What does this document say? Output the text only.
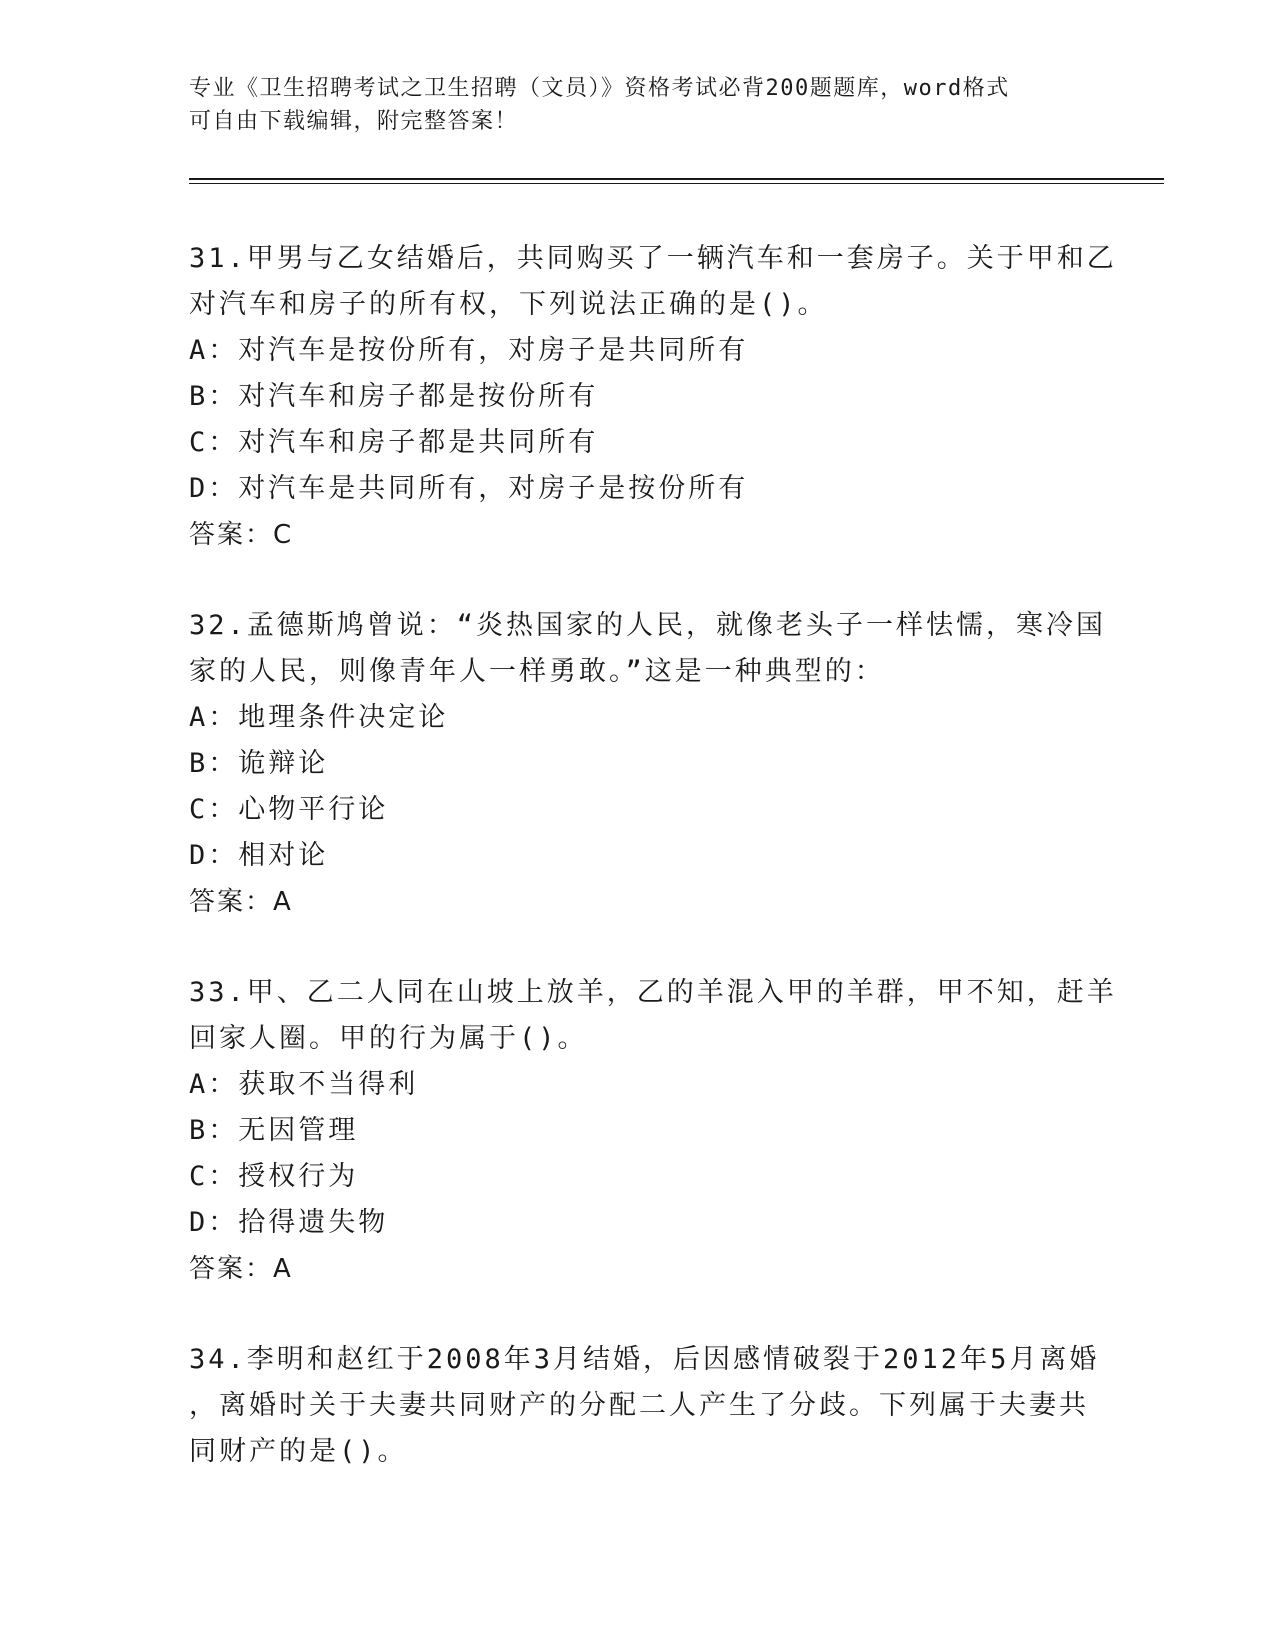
专业《卫生招聘考试之卫生招聘（文员）》资格考试必背200题题库，word格式
可自由下载编辑，附完整答案！
31.甲男与乙女结婚后，共同购买了一辆汽车和一套房子。关于甲和乙
对汽车和房子的所有权，下列说法正确的是()。
A：对汽车是按份所有，对房子是共同所有
B：对汽车和房子都是按份所有
C：对汽车和房子都是共同所有
D：对汽车是共同所有，对房子是按份所有
答案：C
32.孟德斯鸠曾说：“炎热国家的人民，就像老头子一样怯懦，寒冷国
家的人民，则像青年人一样勇敢。”这是一种典型的：
A：地理条件决定论
B：诡辩论
C：心物平行论
D：相对论
答案：A
33.甲、乙二人同在山坡上放羊，乙的羊混入甲的羊群，甲不知，赶羊
回家人圈。甲的行为属于()。
A：获取不当得利
B：无因管理
C：授权行为
D：拾得遗失物
答案：A
34.李明和赵红于2008年3月结婚，后因感情破裂于2012年5月离婚
，离婚时关于夫妻共同财产的分配二人产生了分歧。下列属于夫妻共
同财产的是()。
